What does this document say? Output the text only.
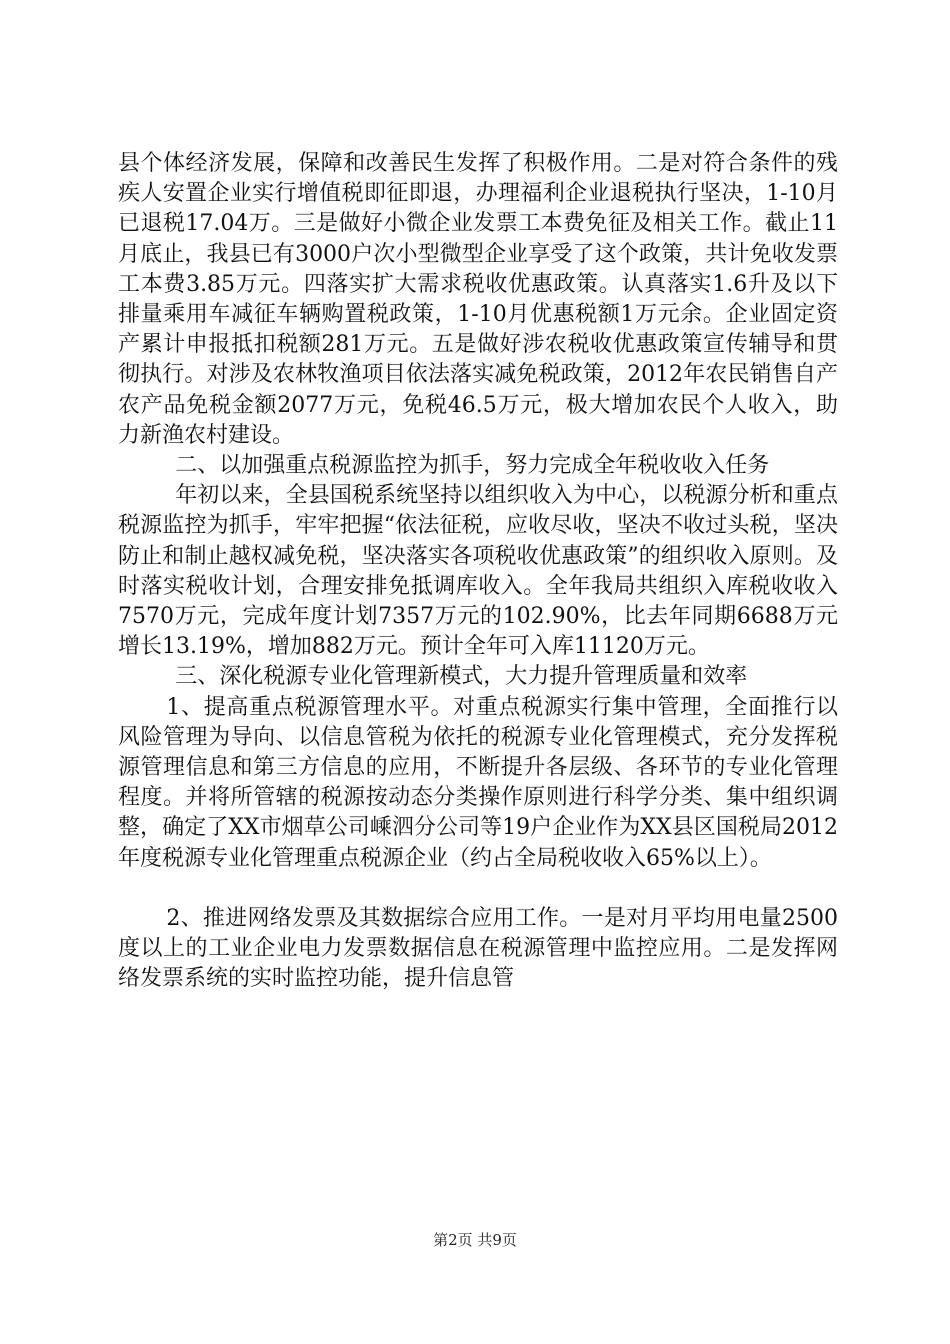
县个体经济发展，保障和改善民生发挥了积极作用。二是对符合条件的残疾人安置企业实行增值税即征即退，办理福利企业退税执行坚决，1-10月已退税17.04万。三是做好小微企业发票工本费免征及相关工作。截止11月底止，我县已有3000户次小型微型企业享受了这个政策，共计免收发票工本费3.85万元。四落实扩大需求税收优惠政策。认真落实1.6升及以下排量乘用车减征车辆购置税政策，1-10月优惠税额1万元余。企业固定资产累计申报抵扣税额281万元。五是做好涉农税收优惠政策宣传辅导和贯彻执行。对涉及农林牧渔项目依法落实减免税政策，2012年农民销售自产农产品免税金额2077万元，免税46.5万元，极大增加农民个人收入，助力新渔农村建设。

二、以加强重点税源监控为抓手，努力完成全年税收收入任务

年初以来，全县国税系统坚持以组织收入为中心，以税源分析和重点税源监控为抓手，牢牢把握“依法征税，应收尽收，坚决不收过头税，坚决防止和制止越权减免税，坚决落实各项税收优惠政策”的组织收入原则。及时落实税收计划，合理安排免抵调库收入。全年我局共组织入库税收收入7570万元，完成年度计划7357万元的102.90%，比去年同期6688万元增长13.19%，增加882万元。预计全年可入库11120万元。

三、深化税源专业化管理新模式，大力提升管理质量和效率

1、提高重点税源管理水平。对重点税源实行集中管理，全面推行以风险管理为导向、以信息管税为依托的税源专业化管理模式，充分发挥税源管理信息和第三方信息的应用，不断提升各层级、各环节的专业化管理程度。并将所管辖的税源按动态分类操作原则进行科学分类、集中组织调整，确定了XX市烟草公司嵊泗分公司等19户企业作为XX县区国税局2012年度税源专业化管理重点税源企业（约占全局税收收入65%以上）。

2、推进网络发票及其数据综合应用工作。一是对月平均用电量2500度以上的工业企业电力发票数据信息在税源管理中监控应用。二是发挥网络发票系统的实时监控功能，提升信息管

第2页 共9页
